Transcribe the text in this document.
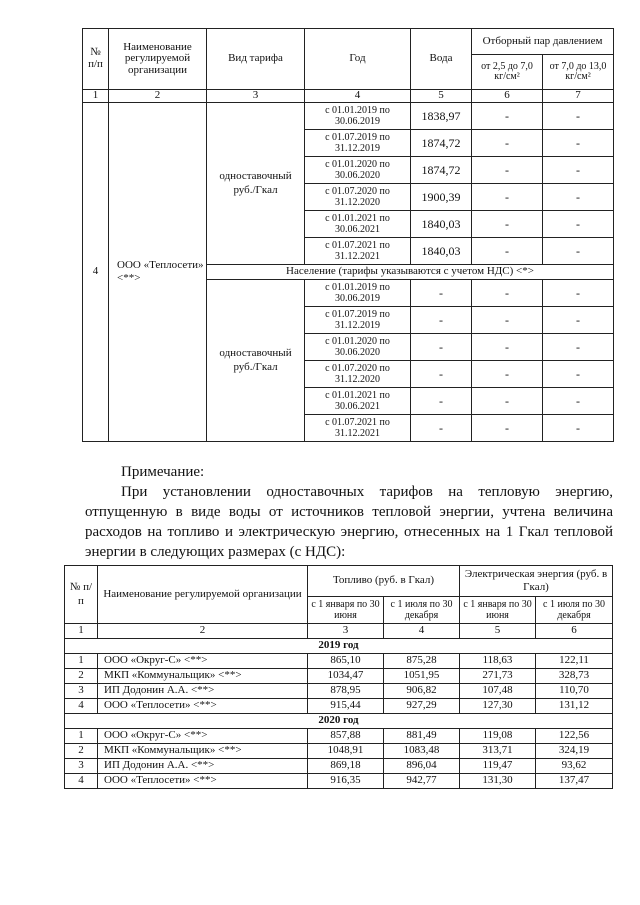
№ п/п	Наименование регулируемой организации	Вид тарифа	Год	Вода	Отборный пар давлением	
					от 2,5 до 7,0 кг/см²	от 7,0 до 13,0 кг/см²
1	2	3	4	5	6	7
4	ООО «Теплосети» <**>	одноставочный руб./Гкал	с 01.01.2019 по 30.06.2019	1838,97	-	-
			с 01.07.2019 по 31.12.2019	1874,72	-	-
			с 01.01.2020 по 30.06.2020	1874,72	-	-
			с 01.07.2020 по 31.12.2020	1900,39	-	-
			с 01.01.2021 по 30.06.2021	1840,03	-	-
			с 01.07.2021 по 31.12.2021	1840,03	-	-
		Население (тарифы указываются с учетом НДС) <*>				
		одноставочный руб./Гкал	с 01.01.2019 по 30.06.2019	-	-	-
			с 01.07.2019 по 31.12.2019	-	-	-
			с 01.01.2020 по 30.06.2020	-	-	-
			с 01.07.2020 по 31.12.2020	-	-	-
			с 01.01.2021 по 30.06.2021	-	-	-
			с 01.07.2021 по 31.12.2021	-	-	-

Примечание:

При установлении одноставочных тарифов на тепловую энергию, отпущенную в виде воды от источников тепловой энергии, учтена величина расходов на топливо и электрическую энергию, отнесенных на 1 Гкал тепловой энергии в следующих размерах (с НДС):

№ п/п	Наименование регулируемой организации	Топливо (руб. в Гкал)		Электрическая энергия (руб. в Гкал)	
		с 1 января по 30 июня	с 1 июля по 30 декабря	с 1 января по 30 июня	с 1 июля по 30 декабря
1	2	3	4	5	6
2019 год					
1	ООО «Округ-С» <**>	865,10	875,28	118,63	122,11
2	МКП «Коммунальщик» <**>	1034,47	1051,95	271,73	328,73
3	ИП Додонин А.А. <**>	878,95	906,82	107,48	110,70
4	ООО «Теплосети» <**>	915,44	927,29	127,30	131,12
2020 год					
1	ООО «Округ-С» <**>	857,88	881,49	119,08	122,56
2	МКП «Коммунальщик» <**>	1048,91	1083,48	313,71	324,19
3	ИП Додонин А.А. <**>	869,18	896,04	119,47	93,62
4	ООО «Теплосети» <**>	916,35	942,77	131,30	137,47
